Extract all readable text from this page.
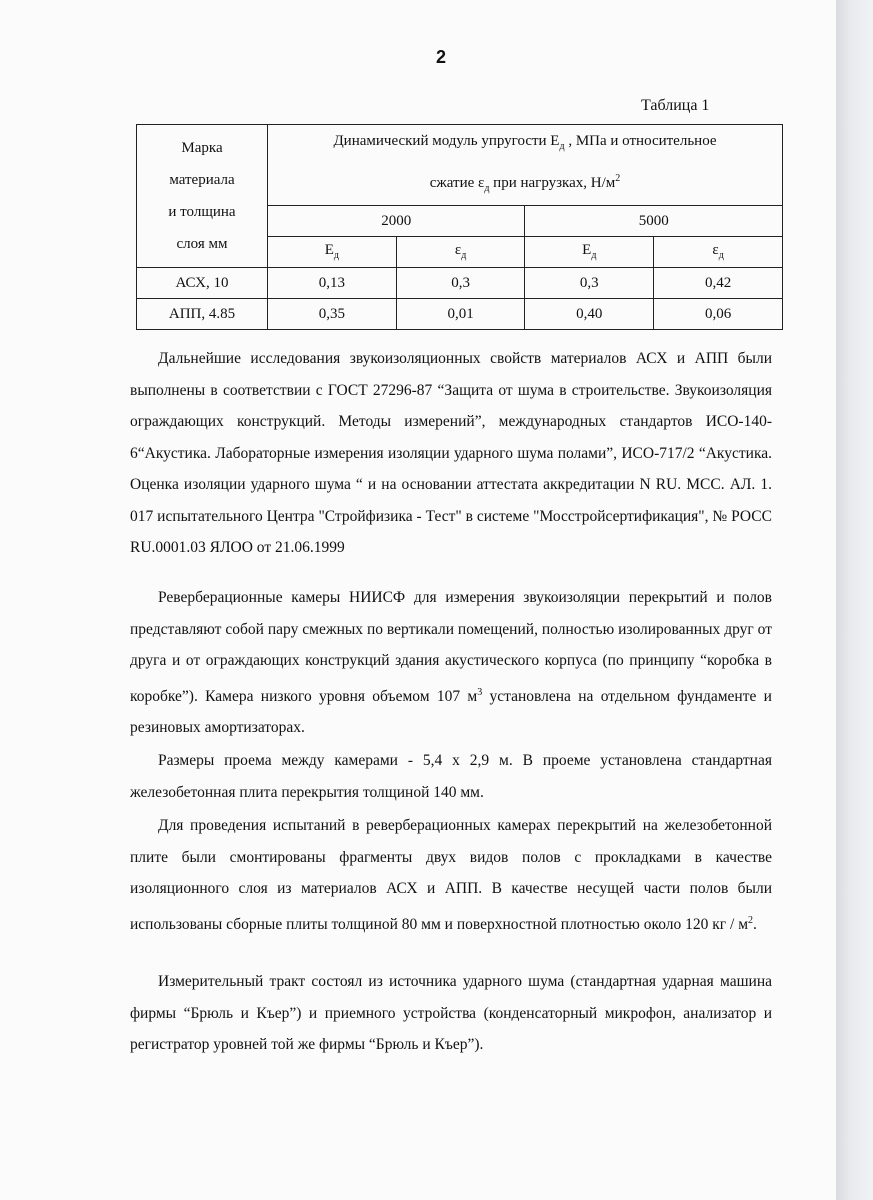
2
Таблица 1
Марка
материала
и толщина
слоя мм	Динамический модуль упругости $Е_д$ , МПа и относительное
сжатие $\varepsilon_д$ при нагрузках, $Н/м^2$
	2000		5000	
	$Е_д$	$\varepsilon_д$	$Е_д$	$\varepsilon_д$
АСХ, 10	0,13	0,3	0,3	0,42
АПП, 4.85	0,35	0,01	0,40	0,06

Дальнейшие исследования звукоизоляционных свойств материалов АСХ и АПП были выполнены в соответствии с ГОСТ 27296-87 “Защита от шума в строительстве. Звукоизоляция ограждающих конструкций. Методы измерений”, международных стандартов ИСО-140-6“Акустика. Лабораторные измерения изоляции ударного шума полами”, ИСО-717/2 “Акустика. Оценка изоляции ударного шума “ и на основании аттестата аккредитации N RU. МСС. АЛ. 1. 017 испытательного Центра "Стройфизика - Тест" в системе "Мосстройсертификация", № РОСС RU.0001.03 ЯЛОО от 21.06.1999

Реверберационные камеры НИИСФ для измерения звукоизоляции перекрытий и полов представляют собой пару смежных по вертикали помещений, полностью изолированных друг от друга и от ограждающих конструкций здания акустического корпуса (по принципу “коробка в коробке”). Камера низкого уровня объемом 107 $м^3$ установлена на отдельном фундаменте и резиновых амортизаторах.

Размеры проема между камерами - 5,4 х 2,9 м. В проеме установлена стандартная железобетонная плита перекрытия толщиной 140 мм.

Для проведения испытаний в реверберационных камерах перекрытий на железобетонной плите были смонтированы фрагменты двух видов полов с прокладками в качестве изоляционного слоя из материалов АСХ и АПП. В качестве несущей части полов были использованы сборные плиты толщиной 80 мм и поверхностной плотностью около 120 кг / $м^2$.

Измерительный тракт состоял из источника ударного шума (стандартная ударная машина фирмы “Брюль и Къер”) и приемного устройства (конденсаторный микрофон, анализатор и регистратор уровней той же фирмы “Брюль и Къер”).
